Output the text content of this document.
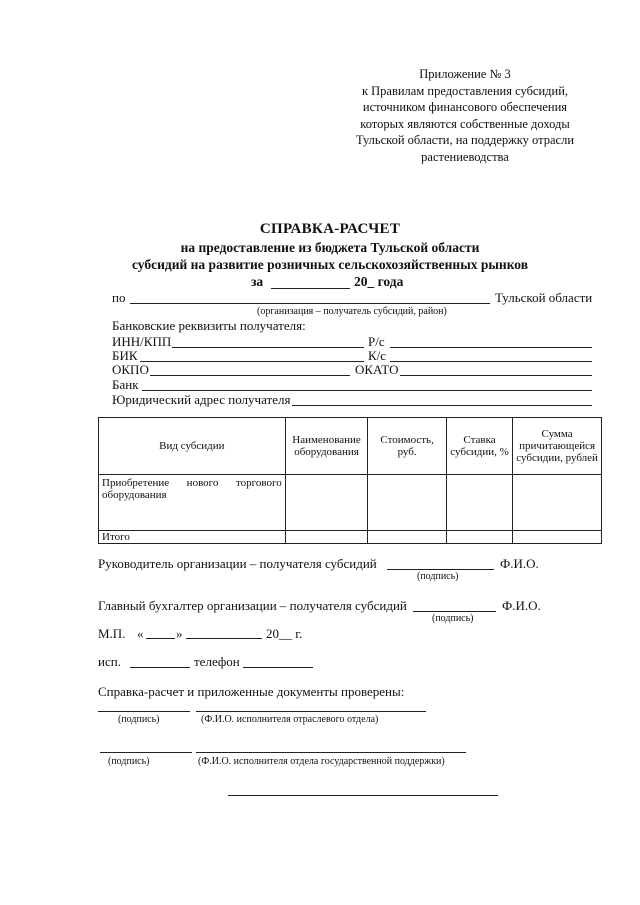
Приложение № 3
к Правилам предоставления субсидий,
источником финансового обеспечения
которых являются собственные доходы
Тульской области, на поддержку отрасли
растениеводства
СПРАВКА-РАСЧЕТ
на предоставление из бюджета Тульской области
субсидий на развитие розничных сельскохозяйственных рынков
за	20_ года
по	Тульской области
(организация – получатель субсидий, район)
Банковские реквизиты получателя:
ИНН/КПП	Р/с
БИК	К/с
ОКПО	ОКАТО
Банк
Юридический адрес получателя
Вид субсидии	Наименование оборудования	Стоимость, руб.	Ставка субсидии, %	Сумма причитающейся субсидии, рублей

Приобретение нового торгового оборудования				

Итого				
Руководитель организации – получателя субсидий	Ф.И.О.
(подпись)
Главный бухгалтер организации – получателя субсидий	Ф.И.О.
(подпись)
М.П. «	»	20__ г.
исп.	телефон
Справка-расчет и приложенные документы проверены:
(подпись)	(Ф.И.О. исполнителя отраслевого отдела)
(подпись)	(Ф.И.О. исполнителя отдела государственной поддержки)
